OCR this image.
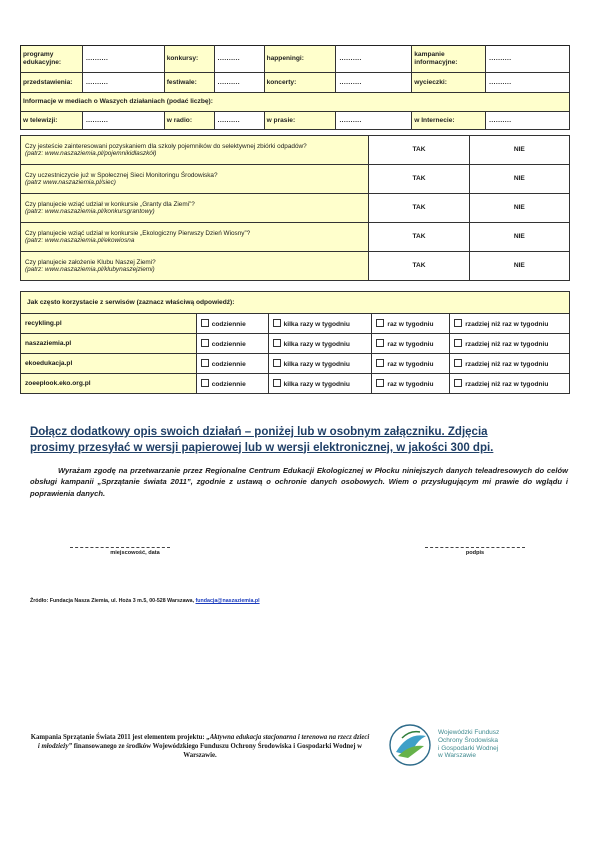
programy edukacyjne:	..........	konkursy:	..........	happeningi:	..........	kampanie informacyjne:	..........
przedstawienia:	..........	festiwale:	..........	koncerty:	..........	wycieczki:	..........
Informacje w mediach o Waszych działaniach (podać liczbę):							
w telewizji:	..........	w radio:	..........	w prasie:	..........	w Internecie:	..........
Czy jesteście zainteresowani pozyskaniem dla szkoły pojemników do selektywnej zbiórki odpadów?
(patrz: www.naszaziemia.pl/pojemnikidlaszkół)	TAK	NIE
Czy uczestniczycie już w Społecznej Sieci Monitoringu Środowiska?
(patrz www.naszaziemia.pl/siec)	TAK	NIE
Czy planujecie wziąć udział w konkursie „Granty dla Ziemi”?
(patrz: www.naszaziemia.pl/konkursgrantowy)	TAK	NIE
Czy planujecie wziąć udział w konkursie „Ekologiczny Pierwszy Dzień Wiosny”?
(patrz: www.naszaziemia.pl/ekowiosna	TAK	NIE
Czy planujecie założenie Klubu Naszej Ziemi?
(patrz: www.naszaziemia.pl/klubynaszejziemi)	TAK	NIE
Jak często korzystacie z serwisów (zaznacz właściwą odpowiedź):				
recykling.pl	codziennie	kilka razy w tygodniu	raz w tygodniu	rzadziej niż raz w tygodniu
naszaziemia.pl	codziennie	kilka razy w tygodniu	raz w tygodniu	rzadziej niż raz w tygodniu
ekoedukacja.pl	codziennie	kilka razy w tygodniu	raz w tygodniu	rzadziej niż raz w tygodniu
zoeeplook.eko.org.pl	codziennie	kilka razy w tygodniu	raz w tygodniu	rzadziej niż raz w tygodniu
Dołącz dodatkowy opis swoich działań – poniżej lub w osobnym załączniku. Zdjęcia
prosimy przesyłać w wersji papierowej lub w wersji elektronicznej, w jakości 300 dpi.
Wyrażam zgodę na przetwarzanie przez Regionalne Centrum Edukacji Ekologicznej w Płocku niniejszych danych teleadresowych do celów obsługi kampanii „Sprzątanie świata 2011”, zgodnie z ustawą o ochronie danych osobowych. Wiem o przysługującym mi prawie do wglądu i poprawienia danych.
miejscowość, data	podpis
Źródło: Fundacja Nasza Ziemia, ul. Hoża 3 m.5, 00-528 Warszawa, fundacja@naszaziemia.pl
Kampania Sprzątanie Świata 2011 jest elementem projektu: „Aktywna edukacja stacjonarna i terenowa na rzecz dzieci i młodzieży” finansowanego ze środków Wojewódzkiego Funduszu Ochrony Środowiska i Gospodarki Wodnej w Warszawie.
Wojewódzki Fundusz
Ochrony Środowiska
i Gospodarki Wodnej
w Warszawie
